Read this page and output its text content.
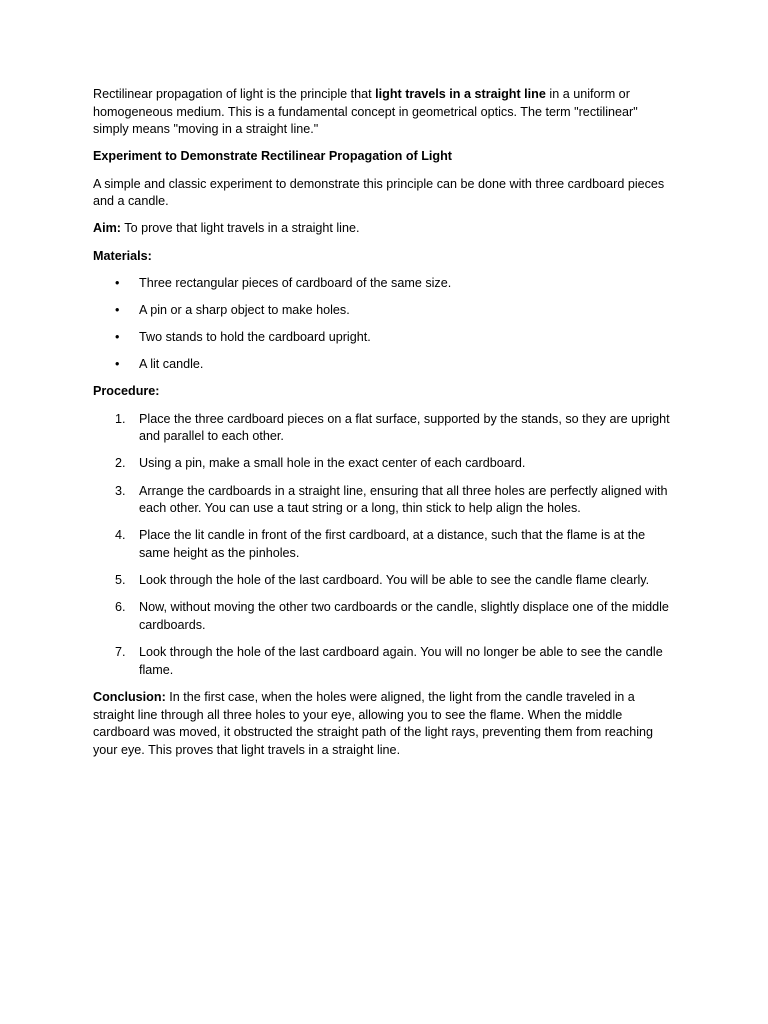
Rectilinear propagation of light is the principle that light travels in a straight line in a uniform or homogeneous medium. This is a fundamental concept in geometrical optics. The term "rectilinear" simply means "moving in a straight line."

Experiment to Demonstrate Rectilinear Propagation of Light

A simple and classic experiment to demonstrate this principle can be done with three cardboard pieces and a candle.

Aim: To prove that light travels in a straight line.

Materials:

• Three rectangular pieces of cardboard of the same size.
• A pin or a sharp object to make holes.
• Two stands to hold the cardboard upright.
• A lit candle.

Procedure:

1. Place the three cardboard pieces on a flat surface, supported by the stands, so they are upright and parallel to each other.
2. Using a pin, make a small hole in the exact center of each cardboard.
3. Arrange the cardboards in a straight line, ensuring that all three holes are perfectly aligned with each other. You can use a taut string or a long, thin stick to help align the holes.
4. Place the lit candle in front of the first cardboard, at a distance, such that the flame is at the same height as the pinholes.
5. Look through the hole of the last cardboard. You will be able to see the candle flame clearly.
6. Now, without moving the other two cardboards or the candle, slightly displace one of the middle cardboards.
7. Look through the hole of the last cardboard again. You will no longer be able to see the candle flame.

Conclusion: In the first case, when the holes were aligned, the light from the candle traveled in a straight line through all three holes to your eye, allowing you to see the flame. When the middle cardboard was moved, it obstructed the straight path of the light rays, preventing them from reaching your eye. This proves that light travels in a straight line.
